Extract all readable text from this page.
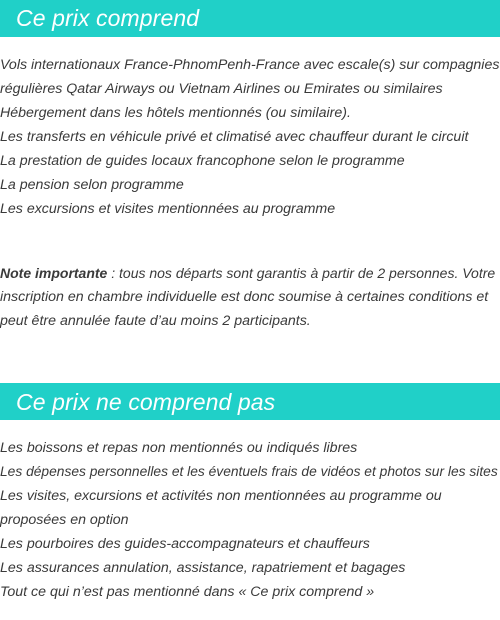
Ce prix comprend
Vols internationaux France-PhnomPenh-France avec escale(s) sur compagnies
régulières Qatar Airways ou Vietnam Airlines ou Emirates ou similaires
Hébergement dans les hôtels mentionnés (ou similaire).
Les transferts en véhicule privé et climatisé avec chauffeur durant le circuit
La prestation de guides locaux francophone selon le programme
La pension selon programme
Les excursions et visites mentionnées au programme
Note importante : tous nos départs sont garantis à partir de 2 personnes. Votre
inscription en chambre individuelle est donc soumise à certaines conditions et
peut être annulée faute d’au moins 2 participants.
Ce prix ne comprend pas
Les boissons et repas non mentionnés ou indiqués libres
Les dépenses personnelles et les éventuels frais de vidéos et photos sur les sites
Les visites, excursions et activités non mentionnées au programme ou
proposées en option
Les pourboires des guides-accompagnateurs et chauffeurs
Les assurances annulation, assistance, rapatriement et bagages
Tout ce qui n’est pas mentionné dans « Ce prix comprend »
